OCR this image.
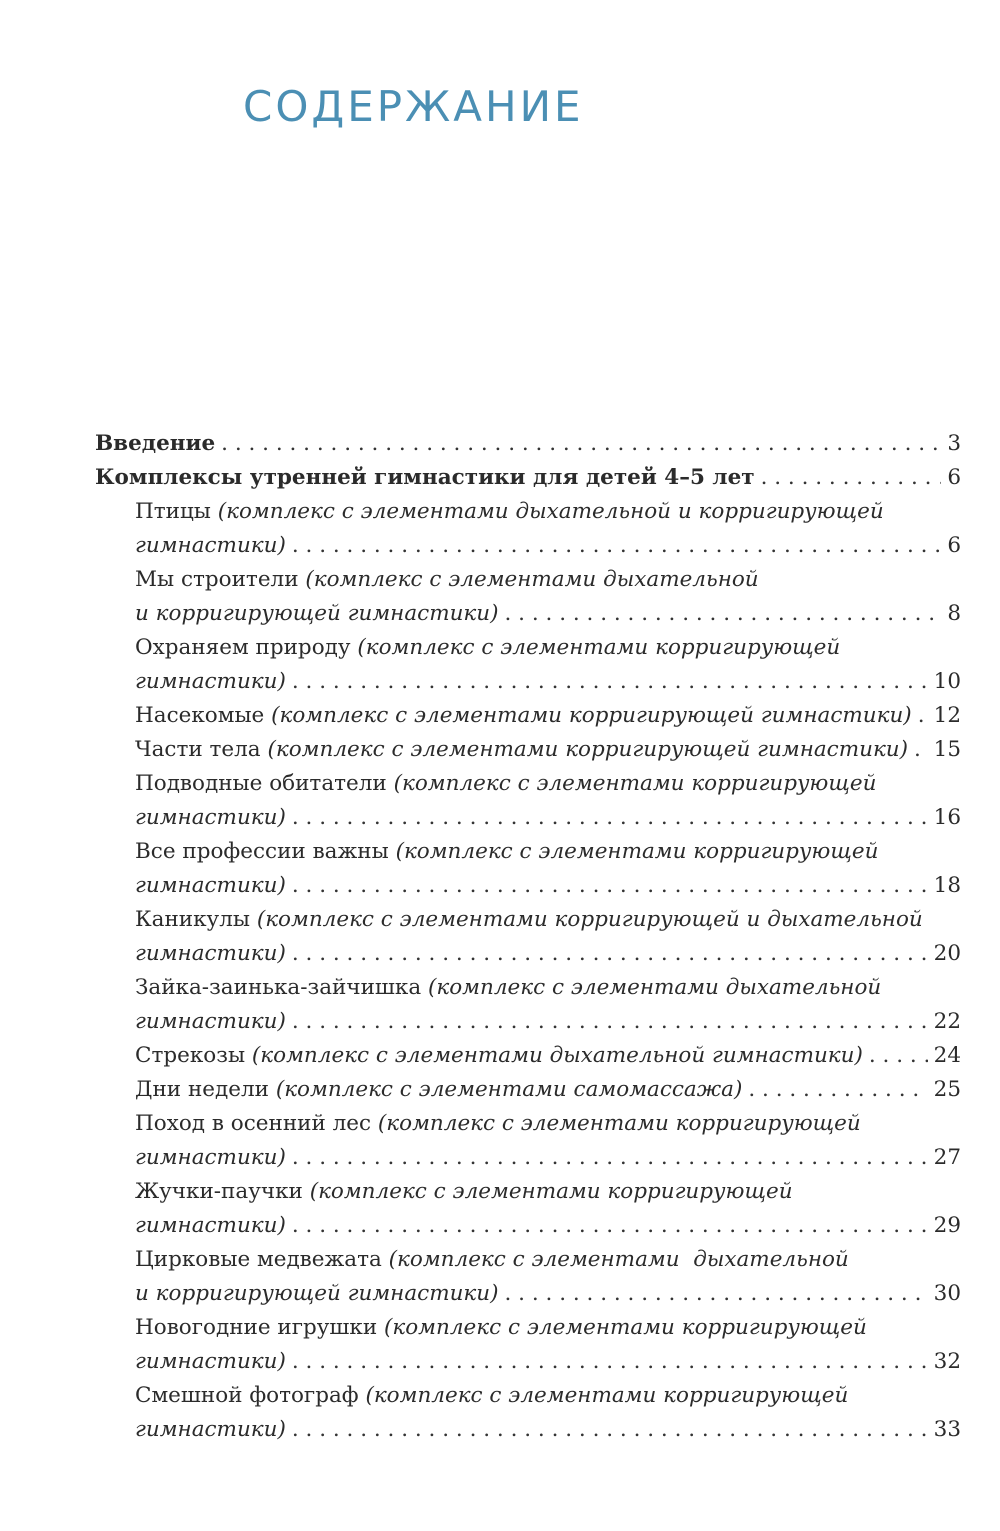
СОДЕРЖАНИЕ
Введение . . .	3
Комплексы утренней гимнастики для детей 4–5 лет . . .	6
Птицы (комплекс с элементами дыхательной и корригирующей
гимнастики) . . .	6
Мы строители (комплекс с элементами дыхательной
и корригирующей гимнастики) . . .	8
Охраняем природу (комплекс с элементами корригирующей
гимнастики) . . .	10
Насекомые (комплекс с элементами корригирующей гимнастики) . . . 12
Части тела (комплекс с элементами корригирующей гимнастики) . . . 15
Подводные обитатели (комплекс с элементами корригирующей
гимнастики) . . .	16
Все профессии важны (комплекс с элементами корригирующей
гимнастики) . . .	18
Каникулы (комплекс с элементами корригирующей и дыхательной
гимнастики) . . .	20
Зайка-заинька-зайчишка (комплекс с элементами дыхательной
гимнастики) . . .	22
Стрекозы (комплекс с элементами дыхательной гимнастики) . . .	24
Дни недели (комплекс с элементами самомассажа) . . .	25
Поход в осенний лес (комплекс с элементами корригирующей
гимнастики) . . .	27
Жучки-паучки (комплекс с элементами корригирующей
гимнастики) . . .	29
Цирковые медвежата (комплекс с элементами  дыхательной
и корригирующей гимнастики) . . .	30
Новогодние игрушки (комплекс с элементами корригирующей
гимнастики) . . .	32
Смешной фотограф (комплекс с элементами корригирующей
гимнастики) . . .	33
